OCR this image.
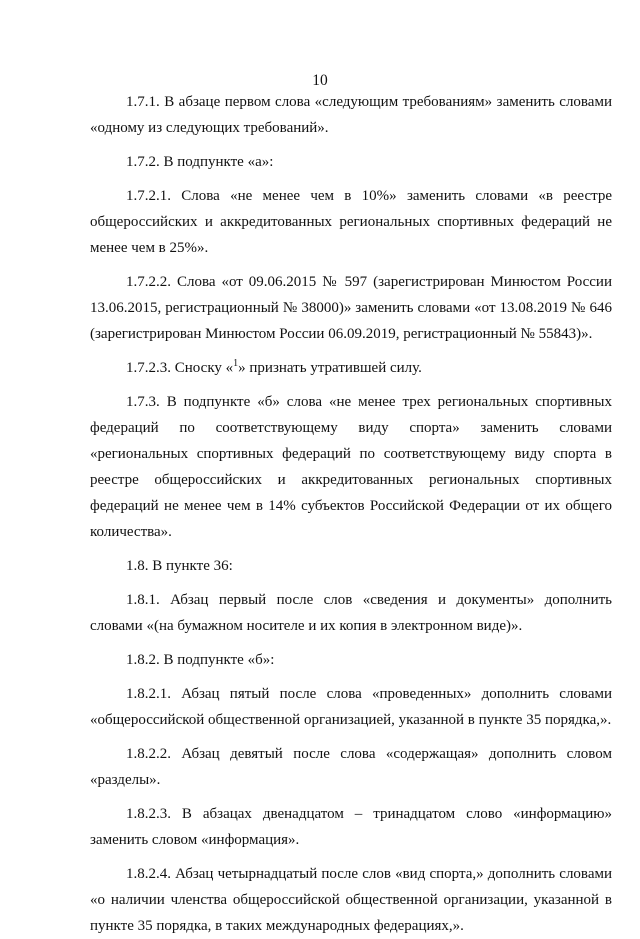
10

1.7.1. В абзаце первом слова «следующим требованиям» заменить словами «одному из следующих требований».

1.7.2. В подпункте «а»:

1.7.2.1. Слова «не менее чем в 10%» заменить словами «в реестре общероссийских и аккредитованных региональных спортивных федераций не менее чем в 25%».

1.7.2.2. Слова «от 09.06.2015 № 597 (зарегистрирован Минюстом России 13.06.2015, регистрационный № 38000)» заменить словами «от 13.08.2019 № 646 (зарегистрирован Минюстом России 06.09.2019, регистрационный № 55843)».

1.7.2.3. Сноску «$^1$» признать утратившей силу.

1.7.3. В подпункте «б» слова «не менее трех региональных спортивных федераций по соответствующему виду спорта» заменить словами «региональных спортивных федераций по соответствующему виду спорта в реестре общероссийских и аккредитованных региональных спортивных федераций не менее чем в 14% субъектов Российской Федерации от их общего количества».

1.8. В пункте 36:

1.8.1. Абзац первый после слов «сведения и документы» дополнить словами «(на бумажном носителе и их копия в электронном виде)».

1.8.2. В подпункте «б»:

1.8.2.1. Абзац пятый после слова «проведенных» дополнить словами «общероссийской общественной организацией, указанной в пункте 35 порядка,».

1.8.2.2. Абзац девятый после слова «содержащая» дополнить словом «разделы».

1.8.2.3. В абзацах двенадцатом – тринадцатом слово «информацию» заменить словом «информация».

1.8.2.4. Абзац четырнадцатый после слов «вид спорта,» дополнить словами «о наличии членства общероссийской общественной организации, указанной в пункте 35 порядка, в таких международных федерациях,».
